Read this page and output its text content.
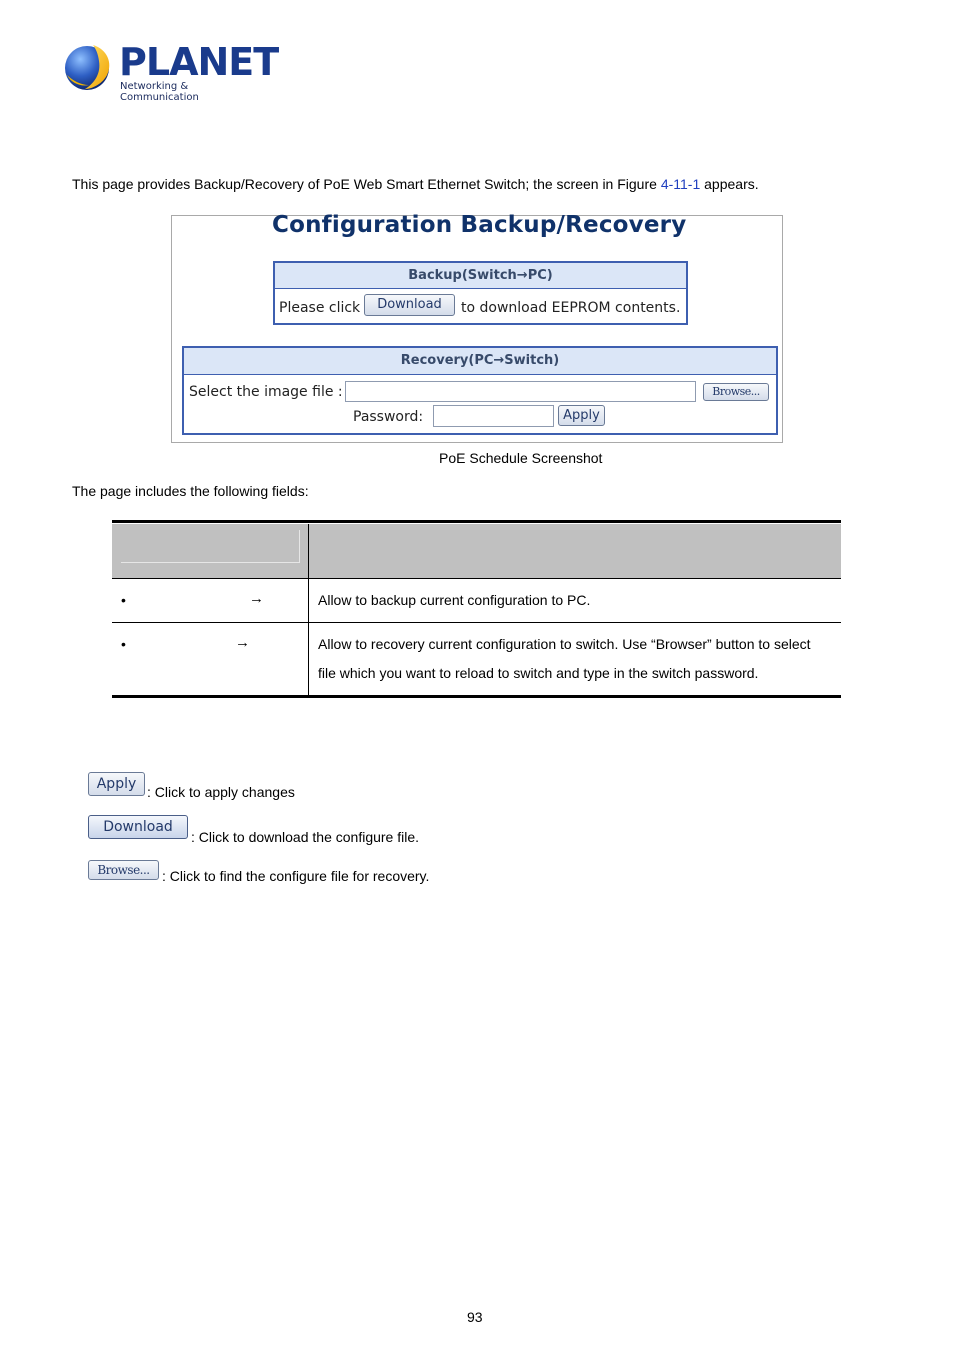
PLANET
Networking & Communication
This page provides Backup/Recovery of PoE Web Smart Ethernet Switch; the screen in Figure 4-11-1 appears.
Configuration Backup/Recovery
Backup(Switch→PC)
Please click	Download	to download EEPROM contents.
Recovery(PC→Switch)
Select the image file :	Browse...
Password:	Apply
PoE Schedule Screenshot
The page includes the following fields:
•	→	Allow to backup current configuration to PC.
•	→	Allow to recovery current configuration to switch. Use “Browser” button to select
file which you want to reload to switch and type in the switch password.
Apply : Click to apply changes
Download
: Click to download the configure file.
Browse... : Click to find the configure file for recovery.
93
